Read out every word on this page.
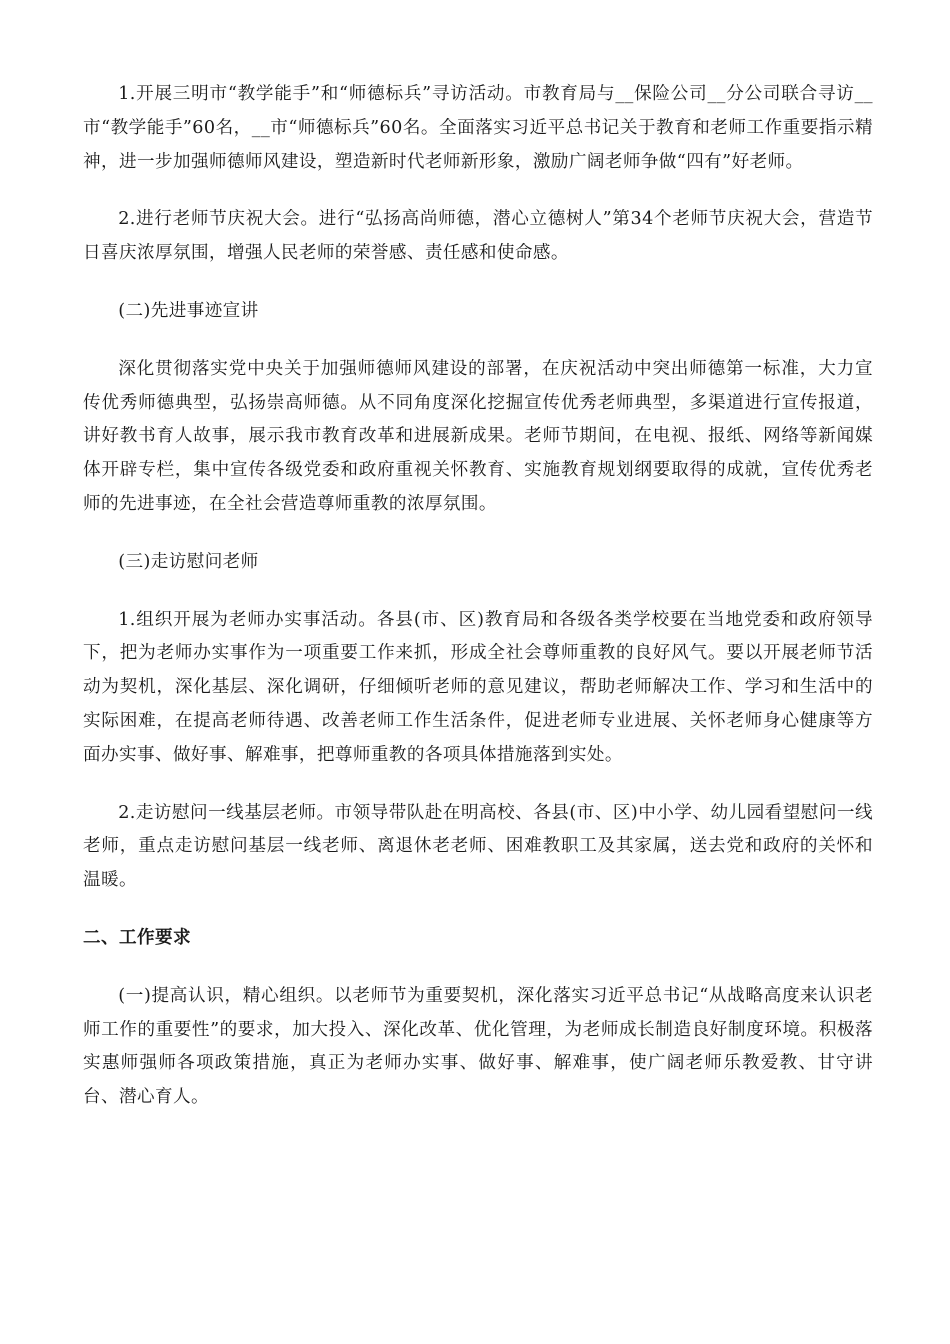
1.开展三明市“教学能手”和“师德标兵”寻访活动。市教育局与__保险公司__分公司联合寻访__市“教学能手”60名，__市“师德标兵”60名。全面落实习近平总书记关于教育和老师工作重要指示精神，进一步加强师德师风建设，塑造新时代老师新形象，激励广阔老师争做“四有”好老师。

2.进行老师节庆祝大会。进行“弘扬高尚师德，潜心立德树人”第34个老师节庆祝大会，营造节日喜庆浓厚氛围，增强人民老师的荣誉感、责任感和使命感。

(二)先进事迹宣讲

深化贯彻落实党中央关于加强师德师风建设的部署，在庆祝活动中突出师德第一标准，大力宣传优秀师德典型，弘扬崇高师德。从不同角度深化挖掘宣传优秀老师典型，多渠道进行宣传报道，讲好教书育人故事，展示我市教育改革和进展新成果。老师节期间，在电视、报纸、网络等新闻媒体开辟专栏，集中宣传各级党委和政府重视关怀教育、实施教育规划纲要取得的成就，宣传优秀老师的先进事迹，在全社会营造尊师重教的浓厚氛围。

(三)走访慰问老师

1.组织开展为老师办实事活动。各县(市、区)教育局和各级各类学校要在当地党委和政府领导下，把为老师办实事作为一项重要工作来抓，形成全社会尊师重教的良好风气。要以开展老师节活动为契机，深化基层、深化调研，仔细倾听老师的意见建议，帮助老师解决工作、学习和生活中的实际困难，在提高老师待遇、改善老师工作生活条件，促进老师专业进展、关怀老师身心健康等方面办实事、做好事、解难事，把尊师重教的各项具体措施落到实处。

2.走访慰问一线基层老师。市领导带队赴在明高校、各县(市、区)中小学、幼儿园看望慰问一线老师，重点走访慰问基层一线老师、离退休老老师、困难教职工及其家属，送去党和政府的关怀和温暖。

二、工作要求

(一)提高认识，精心组织。以老师节为重要契机，深化落实习近平总书记“从战略高度来认识老师工作的重要性”的要求，加大投入、深化改革、优化管理，为老师成长制造良好制度环境。积极落实惠师强师各项政策措施，真正为老师办实事、做好事、解难事，使广阔老师乐教爱教、甘守讲台、潜心育人。
